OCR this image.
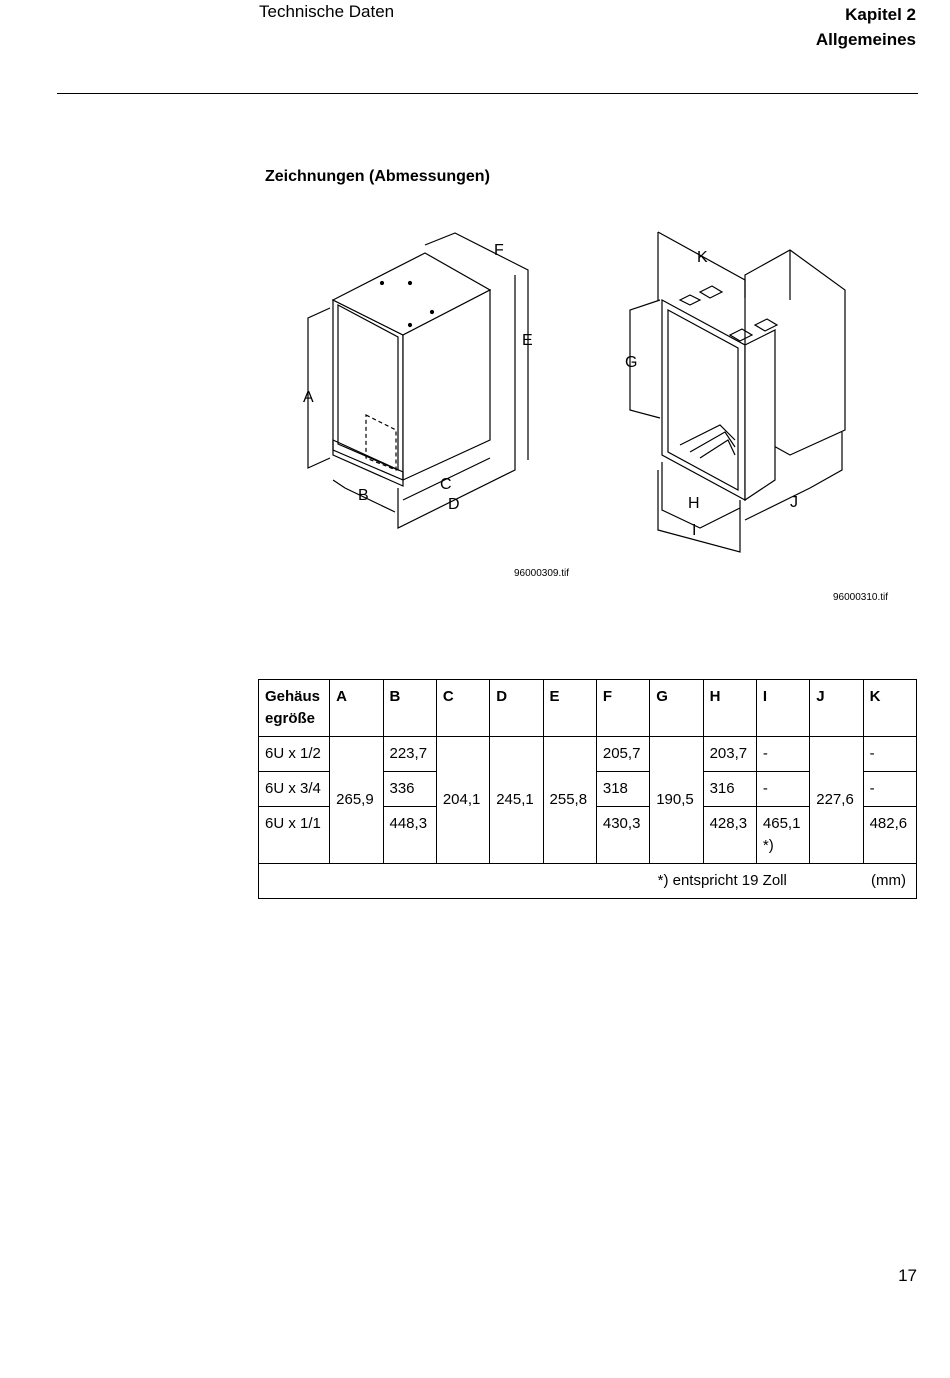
Technische Daten	Kapitel 2
Allgemeines
Zeichnungen (Abmessungen)
A
B
C
D
E
F
G
H
I
J
K
96000309.tif
96000310.tif
Gehäus egröße	A	B	C	D	E	F	G	H	I	J	K
6U x 1/2	265,9	223,7	204,1	245,1	255,8	205,7	190,5	203,7	-	227,6	-
6U x 3/4		336				318		316	-		-
6U x 1/1		448,3				430,3		428,3	465,1 *)		482,6
*) entspricht 19 Zoll (mm)											
17
